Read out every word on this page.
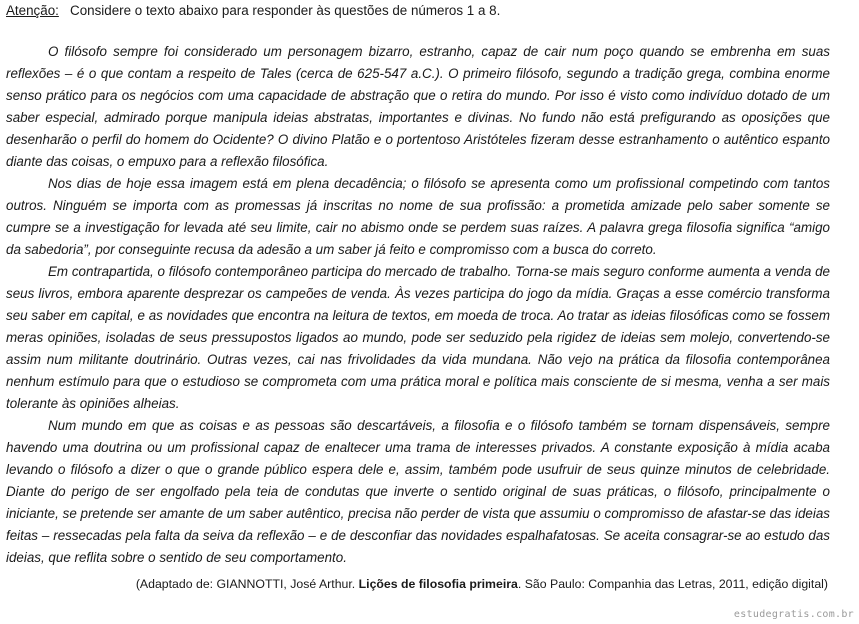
Atenção: Considere o texto abaixo para responder às questões de números 1 a 8.

O filósofo sempre foi considerado um personagem bizarro, estranho, capaz de cair num poço quando se embrenha em suas reflexões – é o que contam a respeito de Tales (cerca de 625-547 a.C.). O primeiro filósofo, segundo a tradição grega, combina enorme senso prático para os negócios com uma capacidade de abstração que o retira do mundo. Por isso é visto como indivíduo dotado de um saber especial, admirado porque manipula ideias abstratas, importantes e divinas. No fundo não está prefigurando as oposições que desenharão o perfil do homem do Ocidente? O divino Platão e o portentoso Aristóteles fizeram desse estranhamento o autêntico espanto diante das coisas, o empuxo para a reflexão filosófica.

Nos dias de hoje essa imagem está em plena decadência; o filósofo se apresenta como um profissional competindo com tantos outros. Ninguém se importa com as promessas já inscritas no nome de sua profissão: a prometida amizade pelo saber somente se cumpre se a investigação for levada até seu limite, cair no abismo onde se perdem suas raízes. A palavra grega filosofia significa “amigo da sabedoria”, por conseguinte recusa da adesão a um saber já feito e compromisso com a busca do correto.

Em contrapartida, o filósofo contemporâneo participa do mercado de trabalho. Torna-se mais seguro conforme aumenta a venda de seus livros, embora aparente desprezar os campeões de venda. Às vezes participa do jogo da mídia. Graças a esse comércio transforma seu saber em capital, e as novidades que encontra na leitura de textos, em moeda de troca. Ao tratar as ideias filosóficas como se fossem meras opiniões, isoladas de seus pressupostos ligados ao mundo, pode ser seduzido pela rigidez de ideias sem molejo, convertendo-se assim num militante doutrinário. Outras vezes, cai nas frivolidades da vida mundana. Não vejo na prática da filosofia contemporânea nenhum estímulo para que o estudioso se comprometa com uma prática moral e política mais consciente de si mesma, venha a ser mais tolerante às opiniões alheias.

Num mundo em que as coisas e as pessoas são descartáveis, a filosofia e o filósofo também se tornam dispensáveis, sempre havendo uma doutrina ou um profissional capaz de enaltecer uma trama de interesses privados. A constante exposição à mídia acaba levando o filósofo a dizer o que o grande público espera dele e, assim, também pode usufruir de seus quinze minutos de celebridade. Diante do perigo de ser engolfado pela teia de condutas que inverte o sentido original de suas práticas, o filósofo, principalmente o iniciante, se pretende ser amante de um saber autêntico, precisa não perder de vista que assumiu o compromisso de afastar-se das ideias feitas – ressecadas pela falta da seiva da reflexão – e de desconfiar das novidades espalhafatosas. Se aceita consagrar-se ao estudo das ideias, que reflita sobre o sentido de seu comportamento.

(Adaptado de: GIANNOTTI, José Arthur. Lições de filosofia primeira. São Paulo: Companhia das Letras, 2011, edição digital)
estudegratis.com.br
